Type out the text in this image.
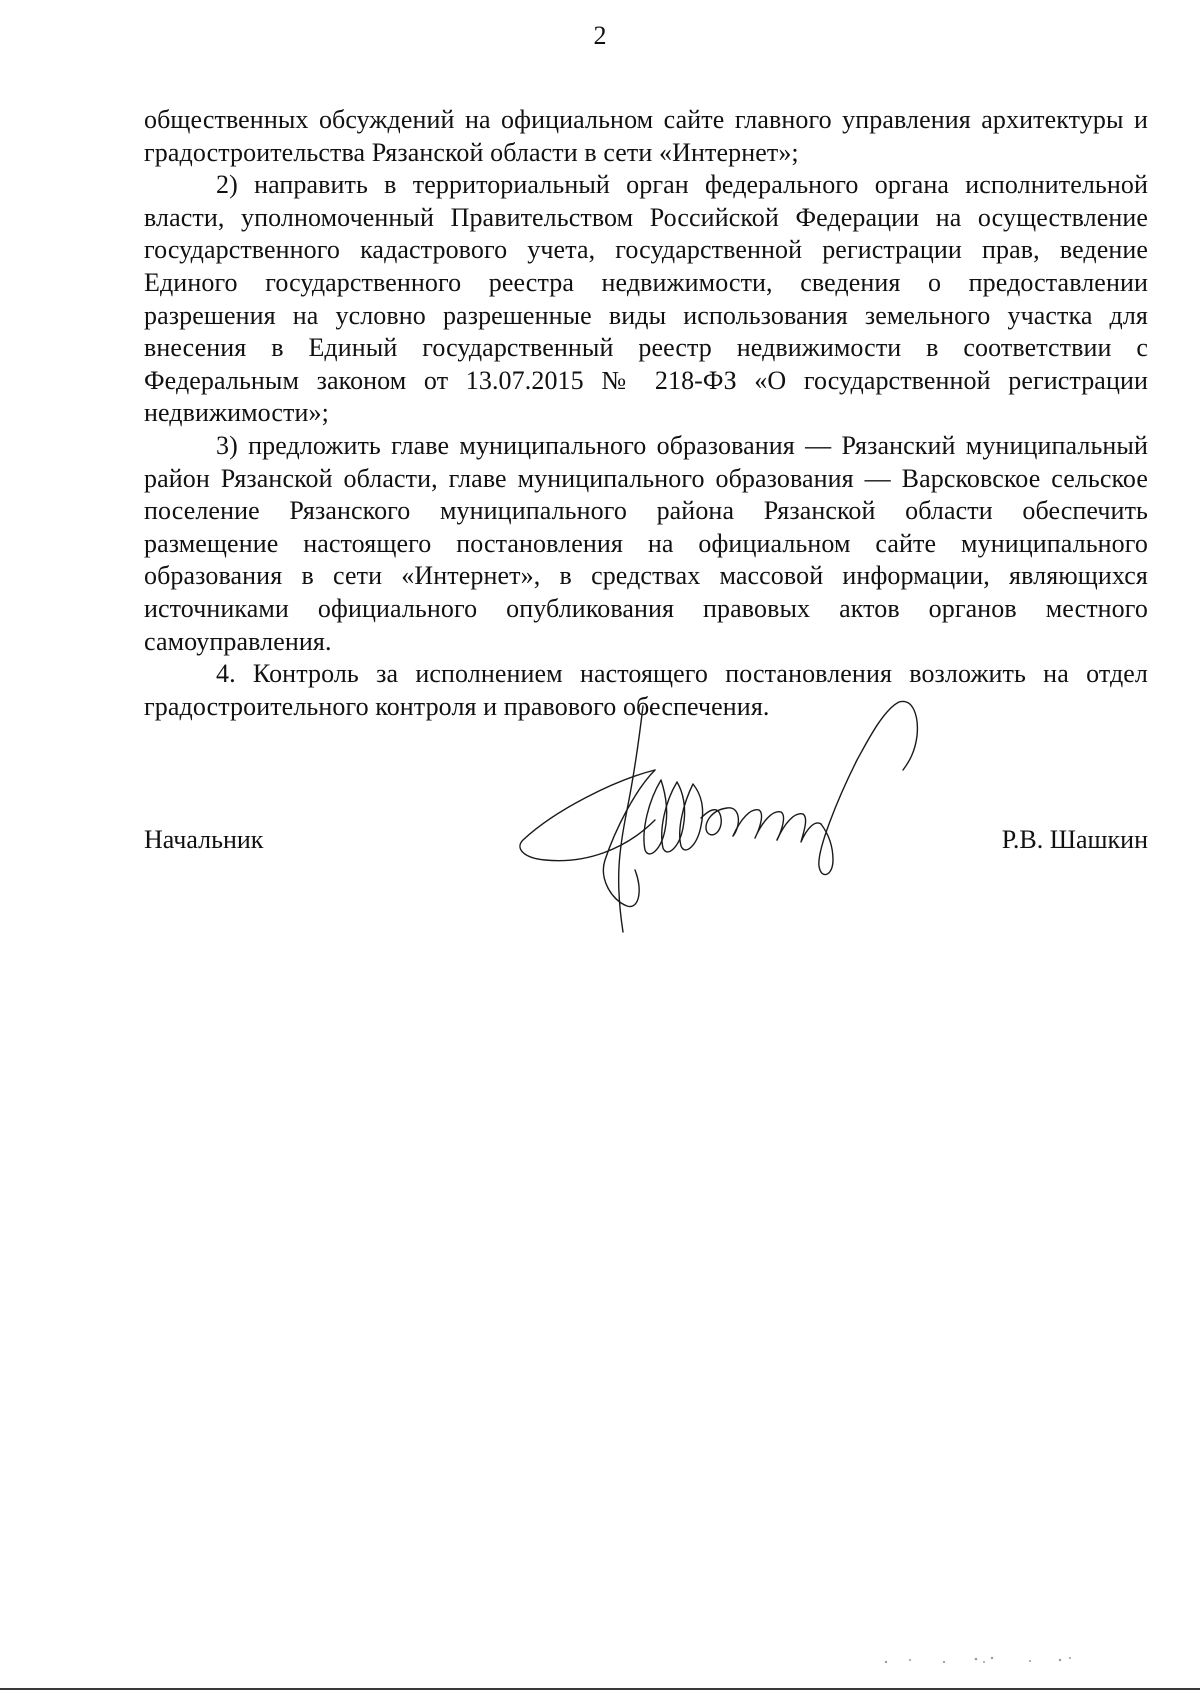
2

общественных обсуждений на официальном сайте главного управления архитектуры и градостроительства Рязанской области в сети «Интернет»;

2) направить в территориальный орган федерального органа исполнительной власти, уполномоченный Правительством Российской Федерации на осуществление государственного кадастрового учета, государственной регистрации прав, ведение Единого государственного реестра недвижимости, сведения о предоставлении разрешения на условно разрешенные виды использования земельного участка для внесения в Единый государственный реестр недвижимости в соответствии с Федеральным законом от 13.07.2015 № 218-ФЗ «О государственной регистрации недвижимости»;

3) предложить главе муниципального образования — Рязанский муниципальный район Рязанской области, главе муниципального образования — Варсковское сельское поселение Рязанского муниципального района Рязанской области обеспечить размещение настоящего постановления на официальном сайте муниципального образования в сети «Интернет», в средствах массовой информации, являющихся источниками официального опубликования правовых актов органов местного самоуправления.

4. Контроль за исполнением настоящего постановления возложить на отдел градостроительного контроля и правового обеспечения.

Начальник	Р.В. Шашкин
